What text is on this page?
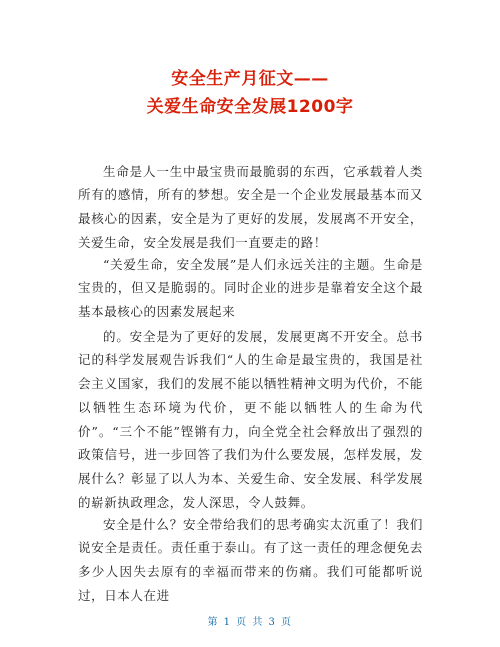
安全生产月征文——
关爱生命安全发展1200字

生命是人一生中最宝贵而最脆弱的东西，它承载着人类所有的感情，所有的梦想。安全是一个企业发展最基本而又最核心的因素，安全是为了更好的发展，发展离不开安全，关爱生命，安全发展是我们一直要走的路！

“关爱生命，安全发展”是人们永远关注的主题。生命是宝贵的，但又是脆弱的。同时企业的进步是靠着安全这个最基本最核心的因素发展起来

的。安全是为了更好的发展，发展更离不开安全。总书记的科学发展观告诉我们“人的生命是最宝贵的，我国是社会主义国家，我们的发展不能以牺牲精神文明为代价，不能以牺牲生态环境为代价，更不能以牺牲人的生命为代价”。“三个不能”铿锵有力，向全党全社会释放出了强烈的政策信号，进一步回答了我们为什么要发展，怎样发展，发展什么？彰显了以人为本、关爱生命、安全发展、科学发展的崭新执政理念，发人深思，令人鼓舞。

安全是什么？安全带给我们的思考确实太沉重了！我们说安全是责任。责任重于泰山。有了这一责任的理念便免去多少人因失去原有的幸福而带来的伤痛。我们可能都听说过，日本人在进

第 1 页 共 3 页
